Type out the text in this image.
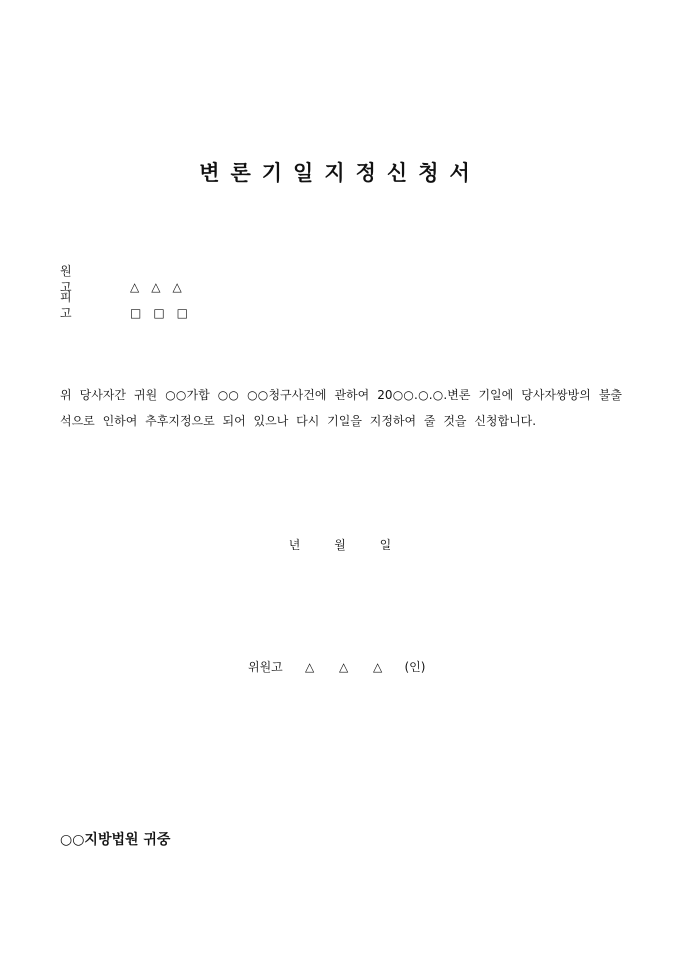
변론기일지정신청서
원고	△△△
피고	□□□
위 당사자간 귀원 ○○가합 ○○ ○○청구사건에 관하여 20○○.○.○.변론 기일에 당사자쌍방의 불출석으로 인하여 추후지정으로 되어 있으나 다시 기일을 지정하여 줄 것을 신청합니다.
년 월 일
위원고 △ △ △ (인)
○○지방법원 귀중
